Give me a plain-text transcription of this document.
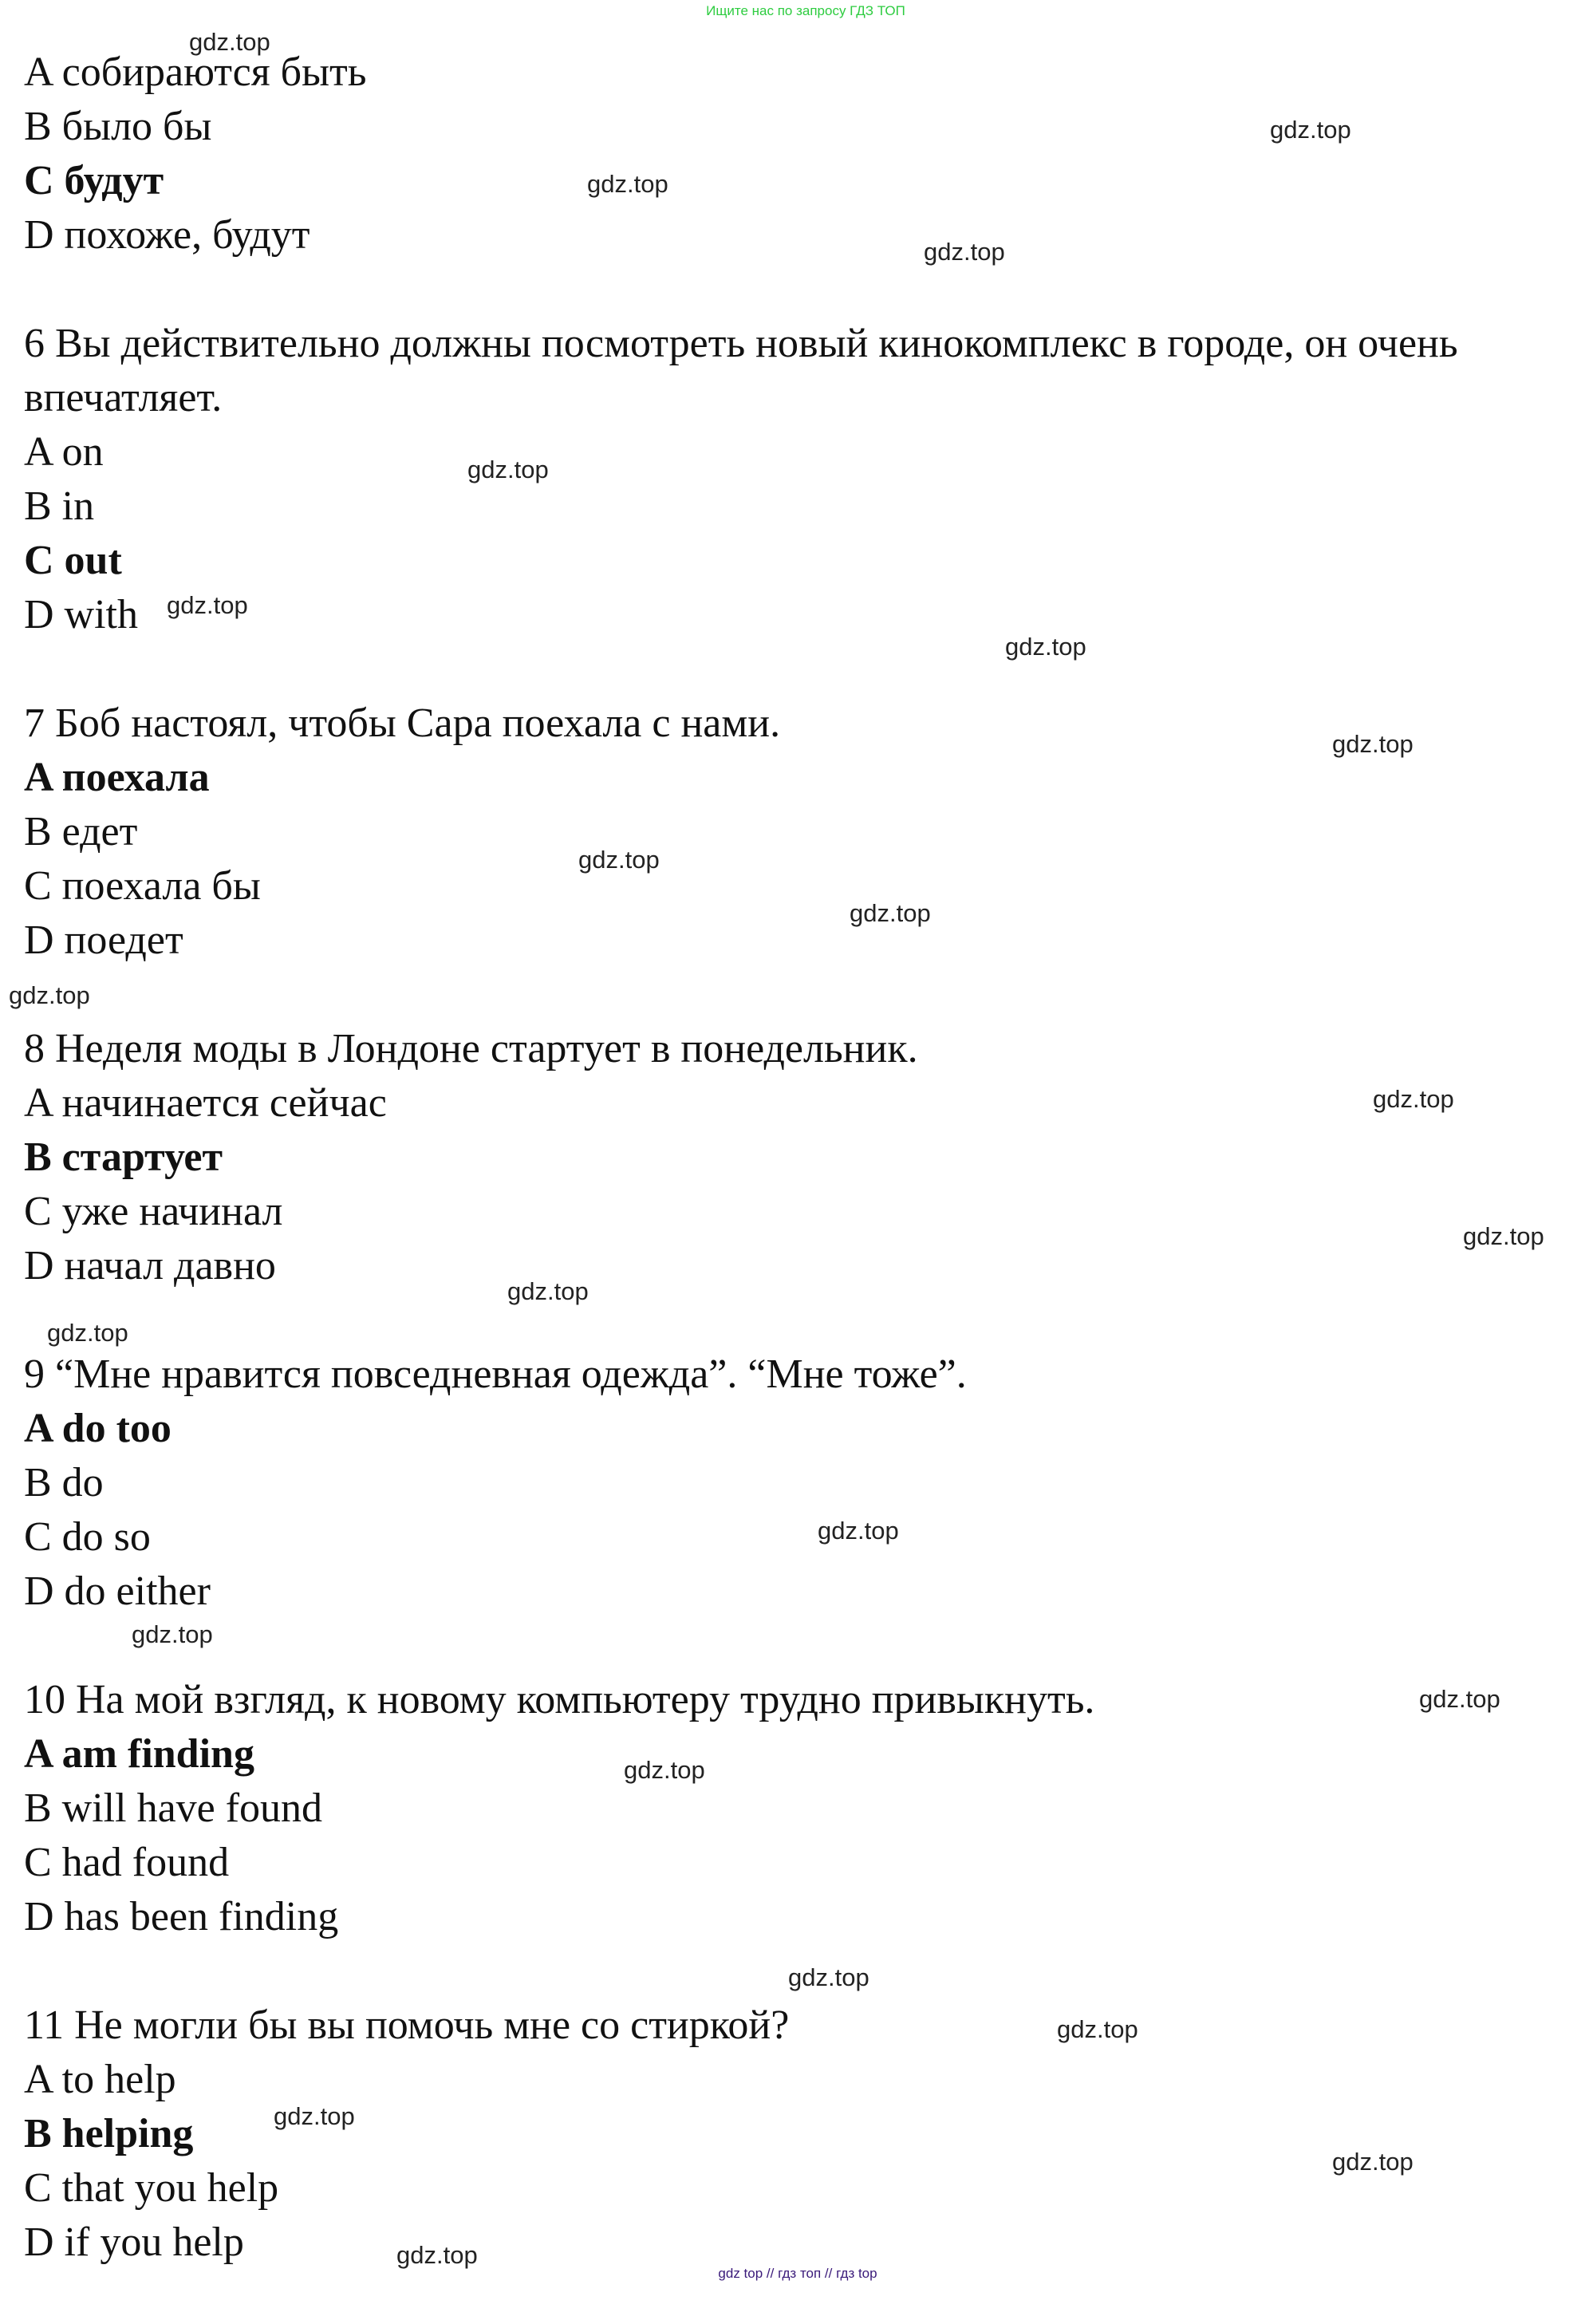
Ищите нас по запросу ГДЗ ТОП
A собираются быть
B было бы
C будут
D похоже, будут
6 Вы действительно должны посмотреть новый кинокомплекс в городе, он очень впечатляет.
A on
B in
C out
D with
7 Боб настоял, чтобы Сара поехала с нами.
A поехала
B едет
C поехала бы
D поедет
8 Неделя моды в Лондоне стартует в понедельник.
A начинается сейчас
B стартует
C уже начинал
D начал давно
9 “Мне нравится повседневная одежда”. “Мне тоже”.
A do too
B do
C do so
D do either
10 На мой взгляд, к новому компьютеру трудно привыкнуть.
A am finding
B will have found
C had found
D has been finding
11 Не могли бы вы помочь мне со стиркой?
A to help
B helping
C that you help
D if you help
gdz.top
gdz.top
gdz.top
gdz.top
gdz.top
gdz.top
gdz.top
gdz.top
gdz.top
gdz.top
gdz.top
gdz.top
gdz.top
gdz.top
gdz.top
gdz.top
gdz.top
gdz.top
gdz.top
gdz.top
gdz.top
gdz.top
gdz.top
gdz.top
gdz top // гдз топ // гдз top
